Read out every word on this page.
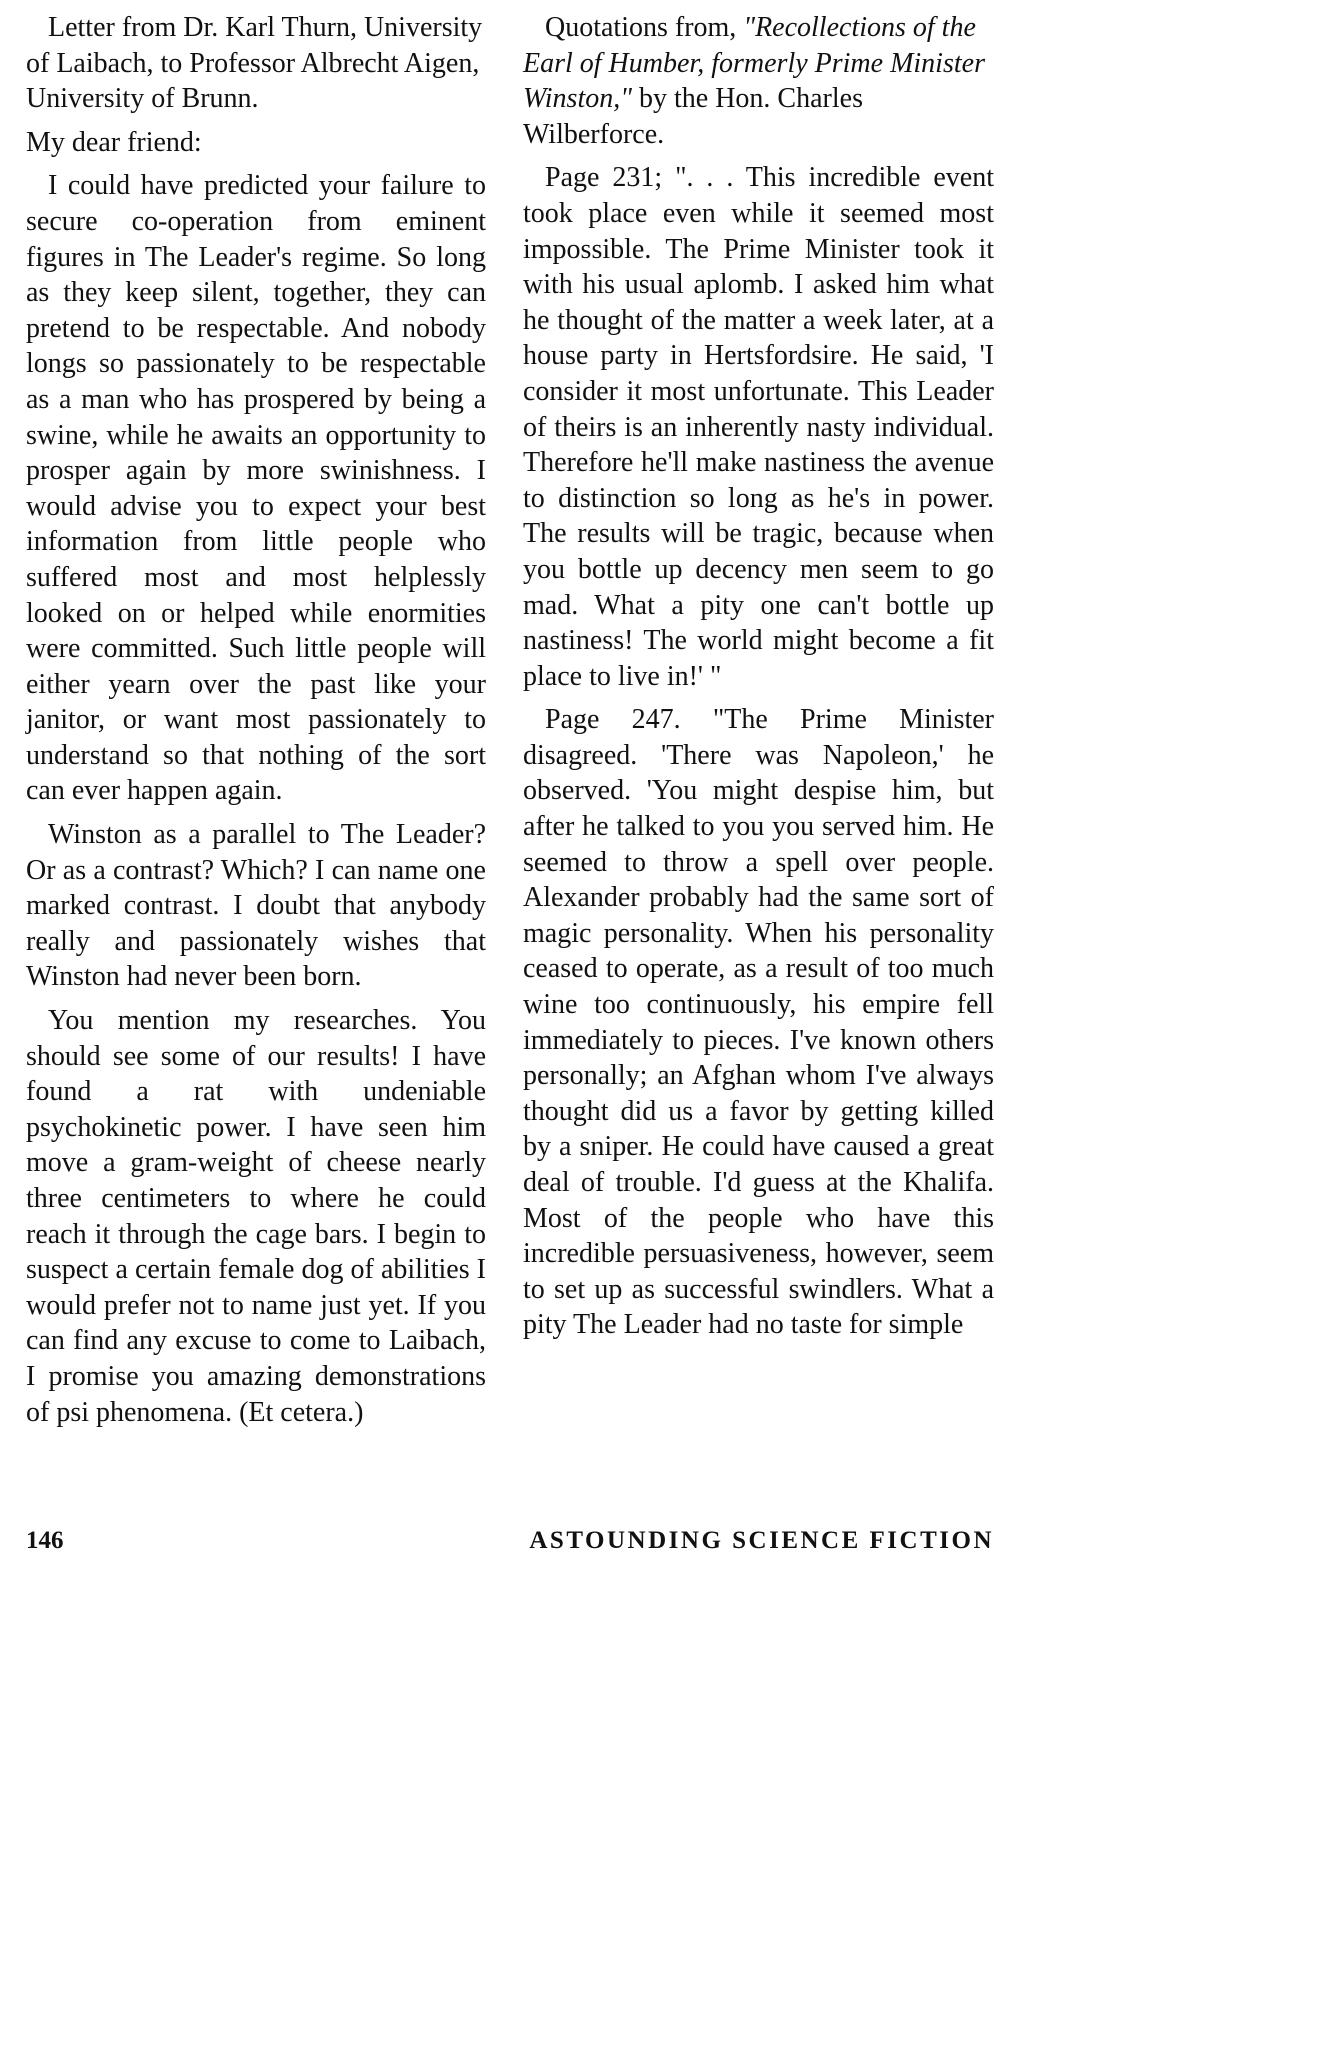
Letter from Dr. Karl Thurn, University of Laibach, to Professor Albrecht Aigen, University of Brunn.

My dear friend:

I could have predicted your failure to secure co-operation from eminent figures in The Leader's regime. So long as they keep silent, together, they can pretend to be respectable. And nobody longs so passionately to be respectable as a man who has prospered by being a swine, while he awaits an opportunity to prosper again by more swinishness. I would advise you to expect your best information from little people who suffered most and most helplessly looked on or helped while enormities were committed. Such little people will either yearn over the past like your janitor, or want most passionately to understand so that nothing of the sort can ever happen again.

Winston as a parallel to The Leader? Or as a contrast? Which? I can name one marked contrast. I doubt that anybody really and passionately wishes that Winston had never been born.

You mention my researches. You should see some of our results! I have found a rat with undeniable psychokinetic power. I have seen him move a gram-weight of cheese nearly three centimeters to where he could reach it through the cage bars. I begin to suspect a certain female dog of abilities I would prefer not to name just yet. If you can find any excuse to come to Laibach, I promise you amazing demonstrations of psi phenomena. (Et cetera.)

Quotations from, "Recollections of the Earl of Humber, formerly Prime Minister Winston," by the Hon. Charles Wilberforce.

Page 231; ". . . This incredible event took place even while it seemed most impossible. The Prime Minister took it with his usual aplomb. I asked him what he thought of the matter a week later, at a house party in Hertsfordsire. He said, 'I consider it most unfortunate. This Leader of theirs is an inherently nasty individual. Therefore he'll make nastiness the avenue to distinction so long as he's in power. The results will be tragic, because when you bottle up decency men seem to go mad. What a pity one can't bottle up nastiness! The world might become a fit place to live in!' "

Page 247. "The Prime Minister disagreed. 'There was Napoleon,' he observed. 'You might despise him, but after he talked to you you served him. He seemed to throw a spell over people. Alexander probably had the same sort of magic personality. When his personality ceased to operate, as a result of too much wine too continuously, his empire fell immediately to pieces. I've known others personally; an Afghan whom I've always thought did us a favor by getting killed by a sniper. He could have caused a great deal of trouble. I'd guess at the Khalifa. Most of the people who have this incredible persuasiveness, however, seem to set up as successful swindlers. What a pity The Leader had no taste for simple

146	ASTOUNDING SCIENCE FICTION
